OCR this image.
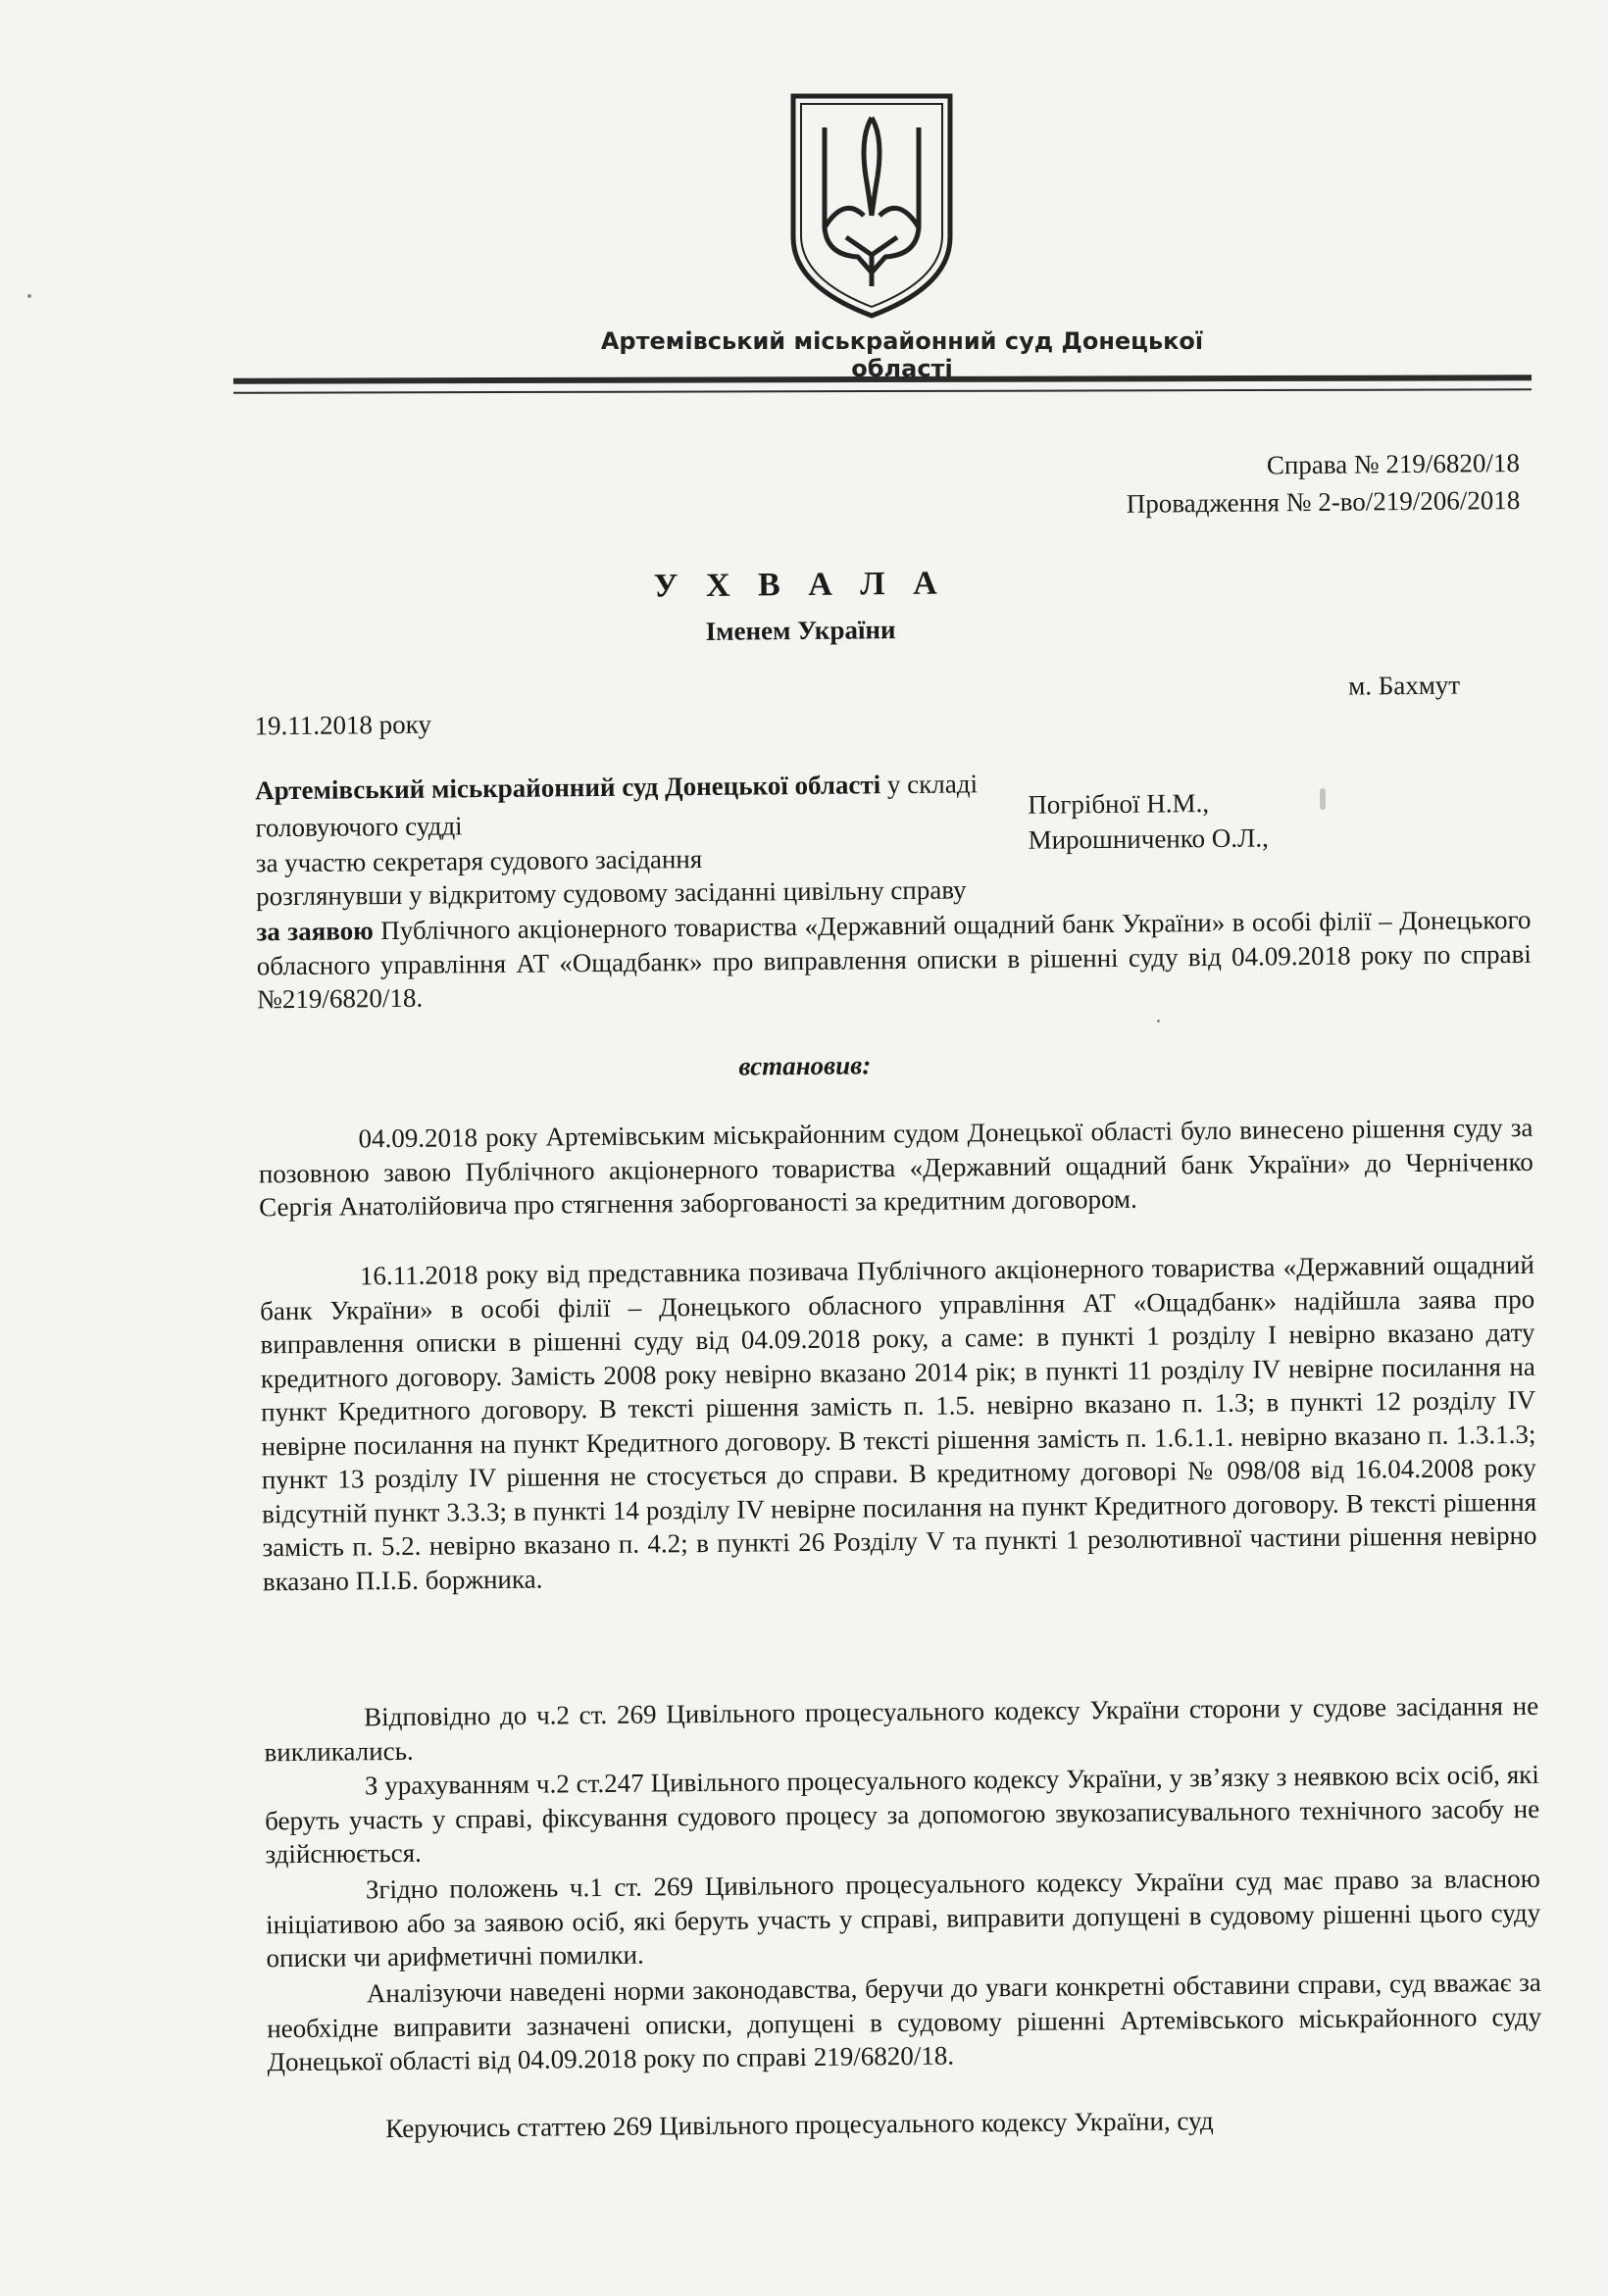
Артемівський міськрайонний суд Донецької області
Справа № 219/6820/18
Провадження № 2-во/219/206/2018
У Х В А Л А
Іменем України
м. Бахмут
19.11.2018 року
Артемівський міськрайонний суд Донецької області у складі
головуючого судді
Погрібної Н.М.,
за участю секретаря судового засідання
Мирошниченко О.Л.,
розглянувши у відкритому судовому засіданні цивільну справу
за заявою Публічного акціонерного товариства «Державний ощадний банк України» в особі філії – Донецького обласного управління АТ «Ощадбанк» про виправлення описки в рішенні суду від 04.09.2018 року по справі №219/6820/18.
встановив:
04.09.2018 року Артемівським міськрайонним судом Донецької області було винесено рішення суду за позовною завою Публічного акціонерного товариства «Державний ощадний банк України» до Черніченко Сергія Анатолійовича про стягнення заборгованості за кредитним договором.
16.11.2018 року від представника позивача Публічного акціонерного товариства «Державний ощадний банк України» в особі філії – Донецького обласного управління АТ «Ощадбанк» надійшла заява про виправлення описки в рішенні суду від 04.09.2018 року, а саме: в пункті 1 розділу І невірно вказано дату кредитного договору. Замість 2008 року невірно вказано 2014 рік; в пункті 11 розділу ІV невірне посилання на пункт Кредитного договору. В тексті рішення замість п. 1.5. невірно вказано п. 1.3; в пункті 12 розділу ІV невірне посилання на пункт Кредитного договору. В тексті рішення замість п. 1.6.1.1. невірно вказано п. 1.3.1.3; пункт 13 розділу ІV рішення не стосується до справи. В кредитному договорі № 098/08 від 16.04.2008 року відсутній пункт 3.3.3; в пункті 14 розділу ІV невірне посилання на пункт Кредитного договору. В тексті рішення замість п. 5.2. невірно вказано п. 4.2; в пункті 26 Розділу V та пункті 1 резолютивної частини рішення невірно вказано П.І.Б. боржника.
Відповідно до ч.2 ст. 269 Цивільного процесуального кодексу України сторони у судове засідання не викликались.
З урахуванням ч.2 ст.247 Цивільного процесуального кодексу України, у зв’язку з неявкою всіх осіб, які беруть участь у справі, фіксування судового процесу за допомогою звукозаписувального технічного засобу не здійснюється.
Згідно положень ч.1 ст. 269 Цивільного процесуального кодексу України суд має право за власною ініціативою або за заявою осіб, які беруть участь у справі, виправити допущені в судовому рішенні цього суду описки чи арифметичні помилки.
Аналізуючи наведені норми законодавства, беручи до уваги конкретні обставини справи, суд вважає за необхідне виправити зазначені описки, допущені в судовому рішенні Артемівського міськрайонного суду Донецької області від 04.09.2018 року по справі 219/6820/18.
Керуючись статтею 269 Цивільного процесуального кодексу України, суд
